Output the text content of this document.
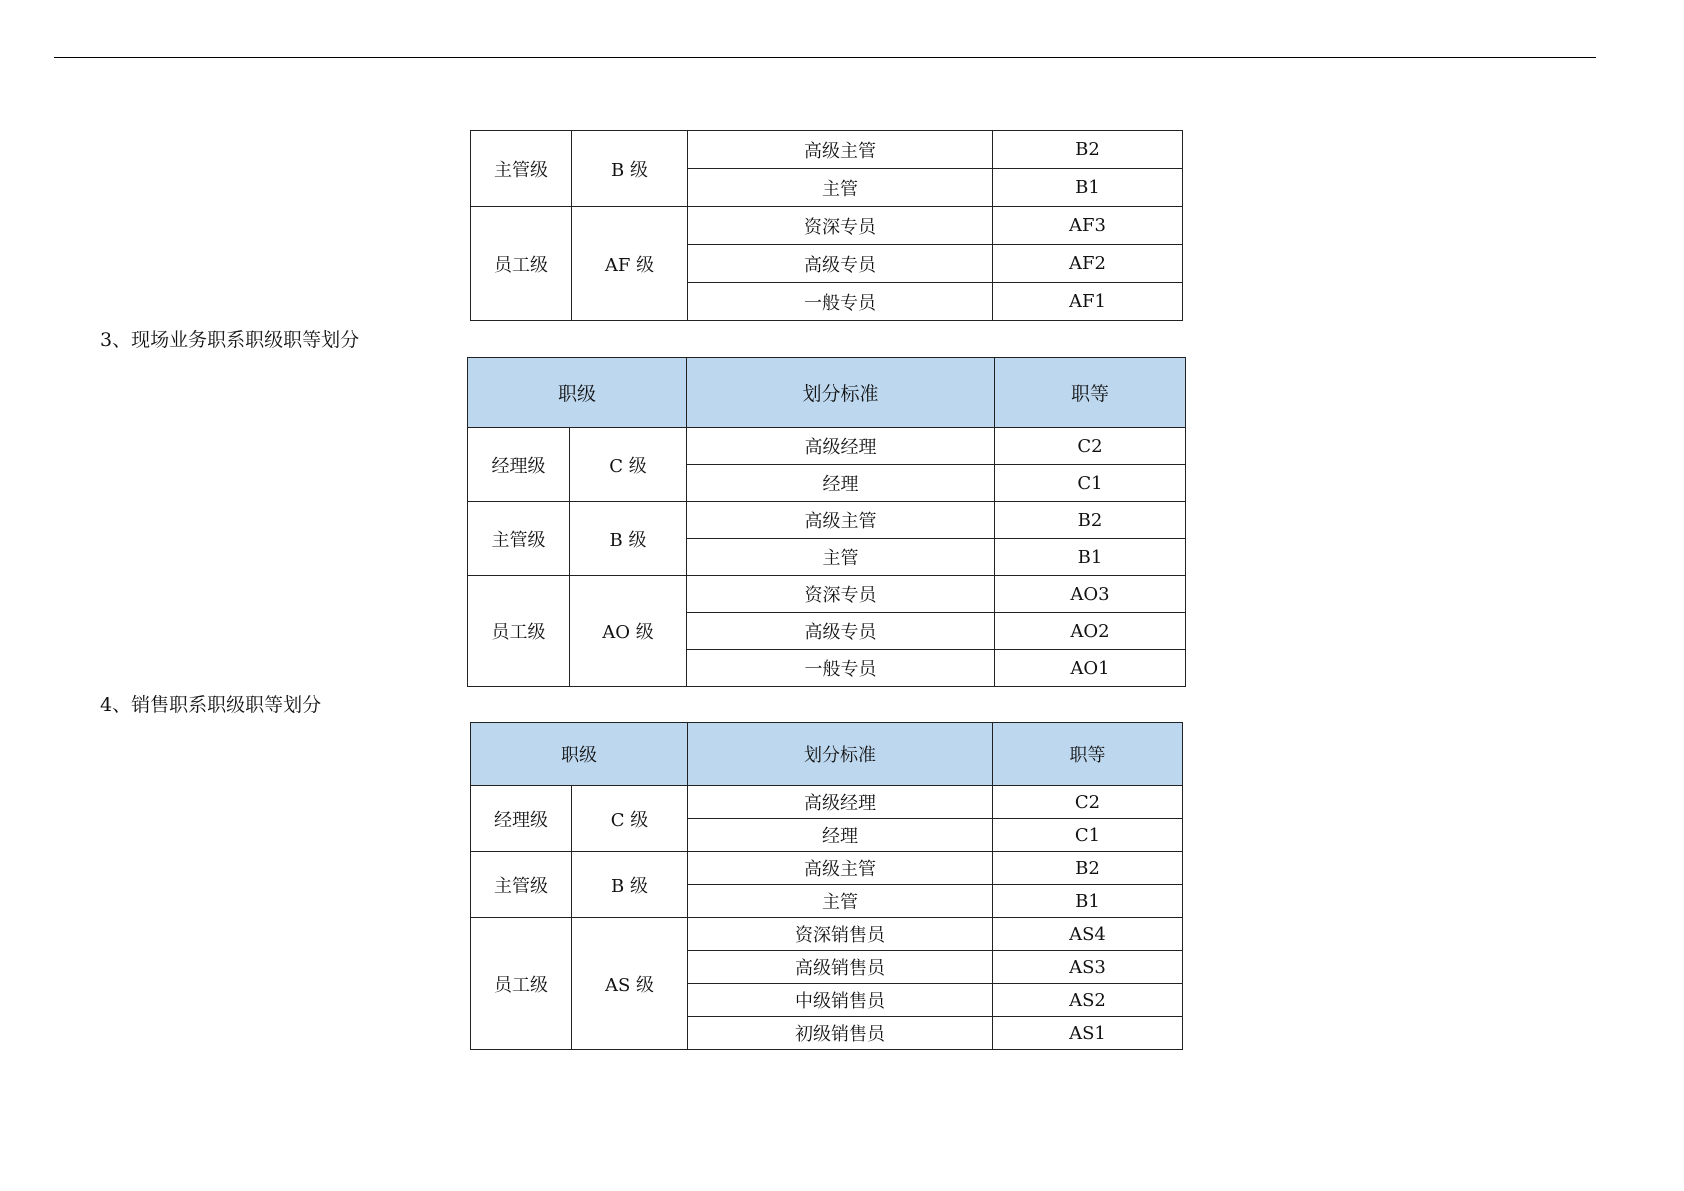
主管级	B 级	高级主管	B2
		主管	B1
员工级	AF 级	资深专员	AF3
		高级专员	AF2
		一般专员	AF1
3、现场业务职系职级职等划分
职级		划分标准	职等
经理级	C 级	高级经理	C2
		经理	C1
主管级	B 级	高级主管	B2
		主管	B1
员工级	AO 级	资深专员	AO3
		高级专员	AO2
		一般专员	AO1
4、销售职系职级职等划分
职级		划分标准	职等
经理级	C 级	高级经理	C2
		经理	C1
主管级	B 级	高级主管	B2
		主管	B1
员工级	AS 级	资深销售员	AS4
		高级销售员	AS3
		中级销售员	AS2
		初级销售员	AS1
